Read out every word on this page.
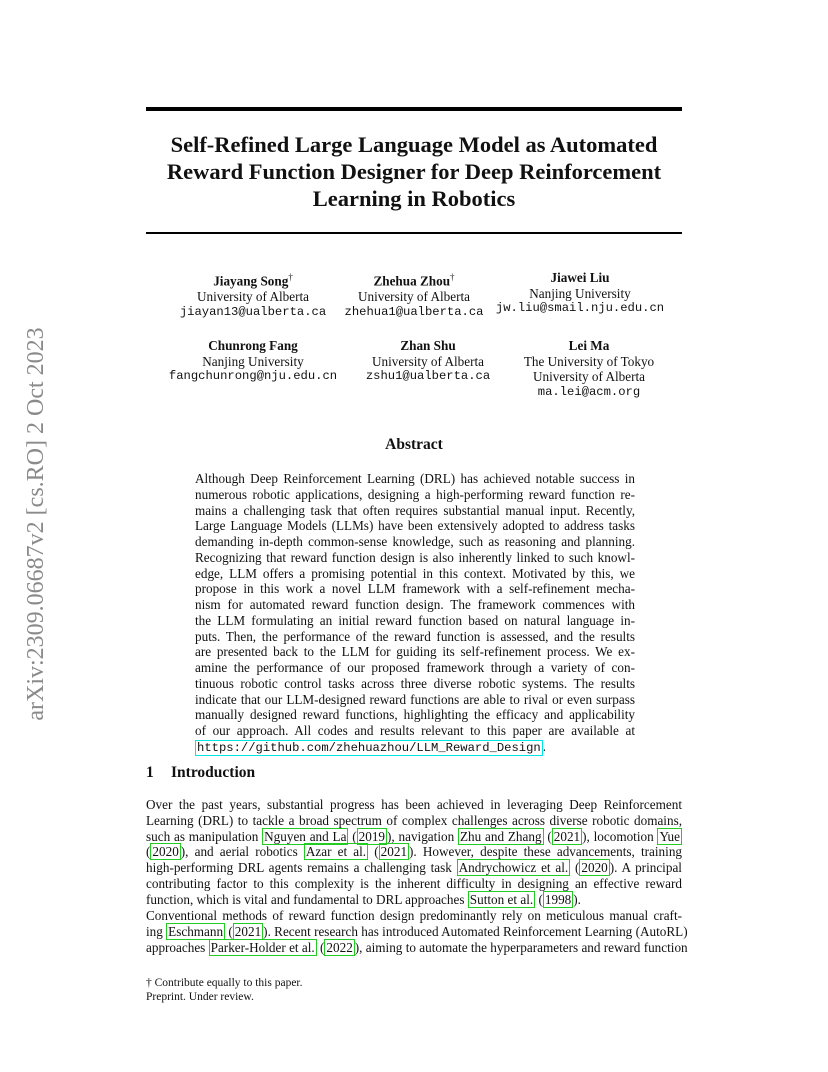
arXiv:2309.06687v2 [cs.RO] 2 Oct 2023
Self-Refined Large Language Model as Automated
Reward Function Designer for Deep Reinforcement
Learning in Robotics
Jiayang Song†
University of Alberta
jiayan13@ualberta.ca
Zhehua Zhou†
University of Alberta
zhehua1@ualberta.ca
Jiawei Liu
Nanjing University
jw.liu@smail.nju.edu.cn
Chunrong Fang
Nanjing University
fangchunrong@nju.edu.cn
Zhan Shu
University of Alberta
zshu1@ualberta.ca
Lei Ma
The University of Tokyo
University of Alberta
ma.lei@acm.org
Abstract
Although Deep Reinforcement Learning (DRL) has achieved notable success in
numerous robotic applications, designing a high-performing reward function re-
mains a challenging task that often requires substantial manual input. Recently,
Large Language Models (LLMs) have been extensively adopted to address tasks
demanding in-depth common-sense knowledge, such as reasoning and planning.
Recognizing that reward function design is also inherently linked to such knowl-
edge, LLM offers a promising potential in this context. Motivated by this, we
propose in this work a novel LLM framework with a self-refinement mecha-
nism for automated reward function design. The framework commences with
the LLM formulating an initial reward function based on natural language in-
puts. Then, the performance of the reward function is assessed, and the results
are presented back to the LLM for guiding its self-refinement process. We ex-
amine the performance of our proposed framework through a variety of con-
tinuous robotic control tasks across three diverse robotic systems. The results
indicate that our LLM-designed reward functions are able to rival or even surpass
manually designed reward functions, highlighting the efficacy and applicability
of our approach. All codes and results relevant to this paper are available at
https://github.com/zhehuazhou/LLM_Reward_Design .
1 Introduction
Over the past years, substantial progress has been achieved in leveraging Deep Reinforcement
Learning (DRL) to tackle a broad spectrum of complex challenges across diverse robotic domains,
such as manipulation Nguyen and La ( 2019 ), navigation Zhu and Zhang ( 2021 ), locomotion Yue
( 2020 ), and aerial robotics Azar et al. ( 2021 ). However, despite these advancements, training
high-performing DRL agents remains a challenging task Andrychowicz et al. ( 2020 ). A principal
contributing factor to this complexity is the inherent difficulty in designing an effective reward
function, which is vital and fundamental to DRL approaches Sutton et al. ( 1998 ).
Conventional methods of reward function design predominantly rely on meticulous manual craft-
ing Eschmann ( 2021 ). Recent research has introduced Automated Reinforcement Learning (AutoRL)
approaches Parker-Holder et al. ( 2022 ), aiming to automate the hyperparameters and reward function
† Contribute equally to this paper.
Preprint. Under review.
